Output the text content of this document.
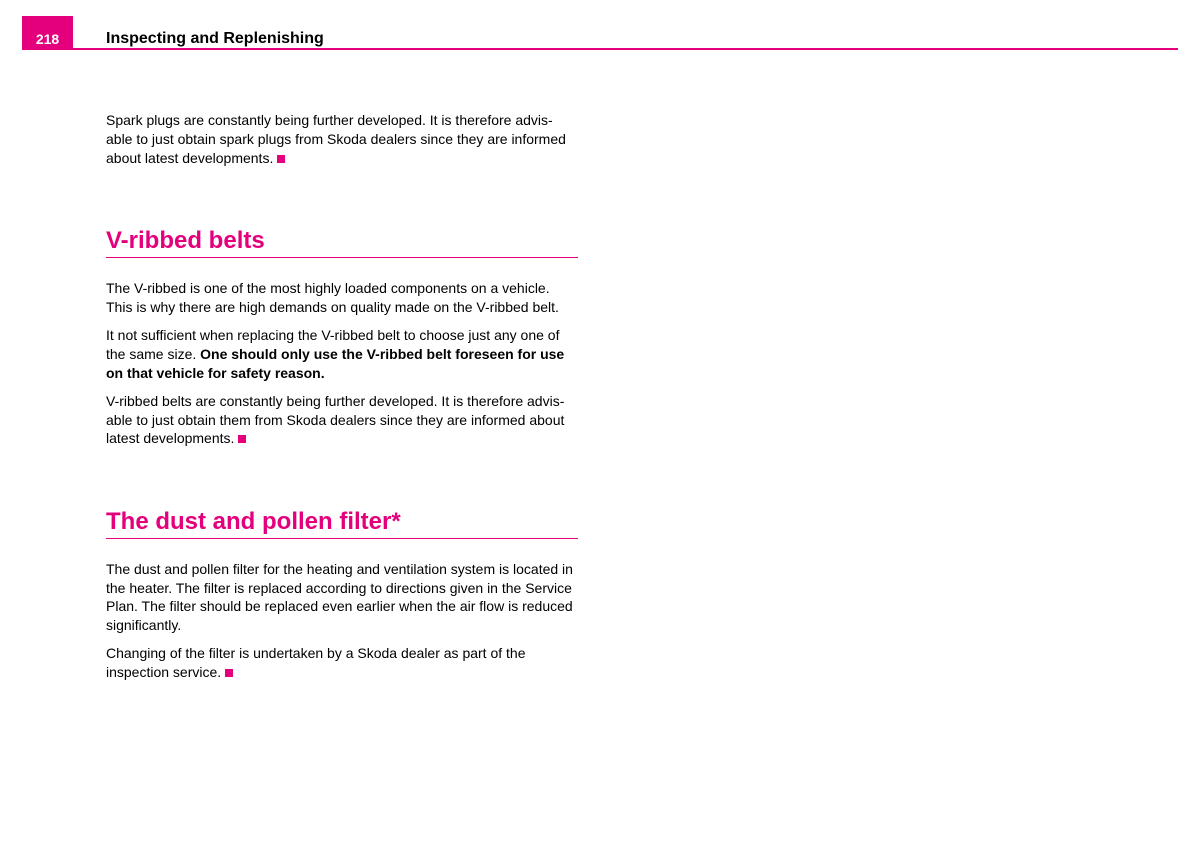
218	Inspecting and Replenishing

Spark plugs are constantly being further developed. It is therefore advis-able to just obtain spark plugs from Skoda dealers since they are informed about latest developments.

V-ribbed belts

The V-ribbed is one of the most highly loaded components on a vehicle. This is why there are high demands on quality made on the V-ribbed belt.

It not sufficient when replacing the V-ribbed belt to choose just any one of the same size. One should only use the V-ribbed belt foreseen for use on that vehicle for safety reason.

V-ribbed belts are constantly being further developed. It is therefore advis-able to just obtain them from Skoda dealers since they are informed about latest developments.

The dust and pollen filter*

The dust and pollen filter for the heating and ventilation system is located in the heater. The filter is replaced according to directions given in the Service Plan. The filter should be replaced even earlier when the air flow is reduced significantly.

Changing of the filter is undertaken by a Skoda dealer as part of the inspection service.
